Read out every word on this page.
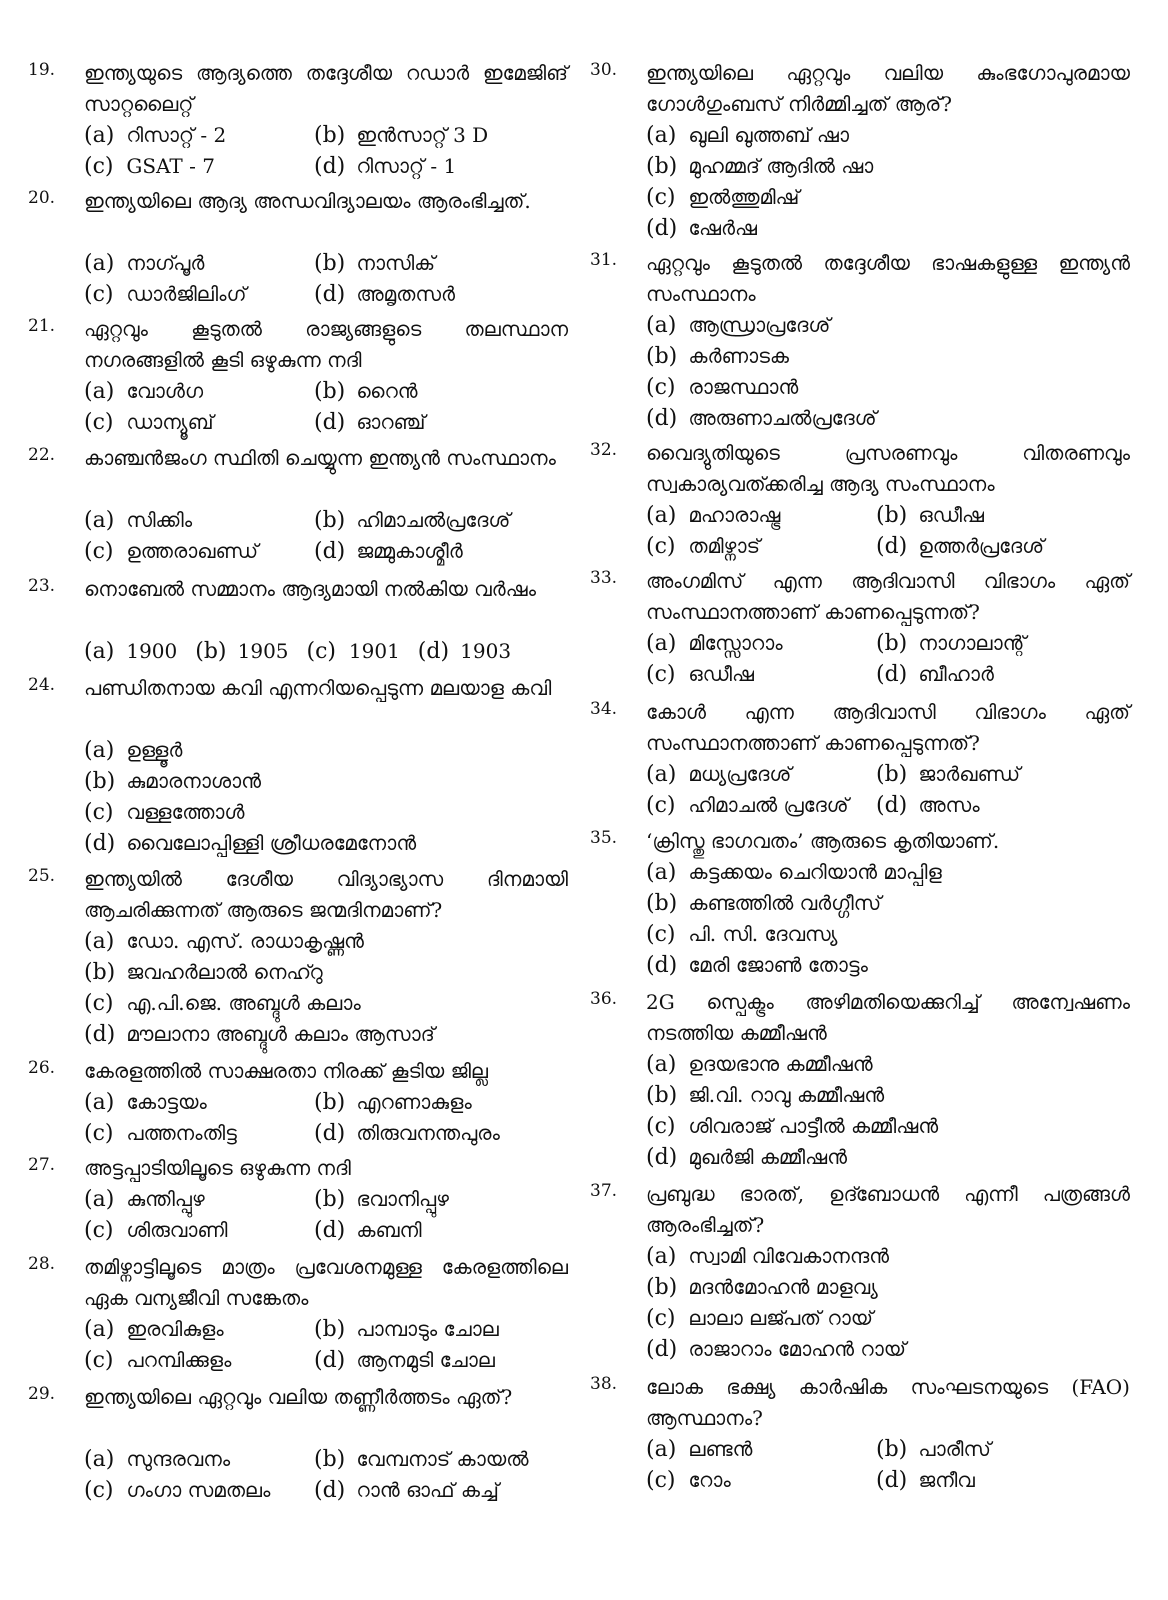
19. ഇന്ത്യയുടെ ആദ്യത്തെ തദ്ദേശീയ റഡാർ ഇമേജിങ് സാറ്റലൈറ്റ്

(a) റിസാറ്റ് - 2	(b) ഇൻസാറ്റ് 3 D
(c) GSAT - 7	(d) റിസാറ്റ് - 1
20. ഇന്ത്യയിലെ ആദ്യ അന്ധവിദ്യാലയം ആരംഭിച്ചത്.

(a) നാഗ്പൂർ	(b) നാസിക്
(c) ഡാർജിലിംഗ്	(d) അമൃതസർ
21. ഏറ്റവും കൂടുതൽ രാജ്യങ്ങളുടെ തലസ്ഥാന നഗരങ്ങളിൽ കൂടി ഒഴുകുന്ന നദി

(a) വോൾഗ	(b) റൈൻ
(c) ഡാന്യൂബ്	(d) ഓറഞ്ച്
22. കാഞ്ചൻജംഗ സ്ഥിതി ചെയ്യുന്ന ഇന്ത്യൻ സംസ്ഥാനം

(a) സിക്കിം	(b) ഹിമാചൽപ്രദേശ്
(c) ഉത്തരാഖണ്ഡ്	(d) ജമ്മുകാശ്മീർ
23. നൊബേൽ സമ്മാനം ആദ്യമായി നൽകിയ വർഷം

(a) 1900 (b) 1905 (c) 1901 (d) 1903
24. പണ്ഡിതനായ കവി എന്നറിയപ്പെടുന്ന മലയാള കവി

(a) ഉള്ളൂർ
(b) കുമാരനാശാൻ
(c) വള്ളത്തോൾ
(d) വൈലോപ്പിള്ളി ശ്രീധരമേനോൻ
25. ഇന്ത്യയിൽ ദേശീയ വിദ്യാഭ്യാസ ദിനമായി ആചരിക്കുന്നത് ആരുടെ ജന്മദിനമാണ്?

(a) ഡോ. എസ്. രാധാകൃഷ്ണൻ
(b) ജവഹർലാൽ നെഹ്റു
(c) എ.പി.ജെ. അബ്ദുൾ കലാം
(d) മൗലാനാ അബ്ദുൾ കലാം ആസാദ്
26. കേരളത്തിൽ സാക്ഷരതാ നിരക്ക് കൂടിയ ജില്ല

(a) കോട്ടയം	(b) എറണാകുളം
(c) പത്തനംതിട്ട	(d) തിരുവനന്തപുരം
27. അട്ടപ്പാടിയിലൂടെ ഒഴുകുന്ന നദി

(a) കുന്തിപ്പുഴ	(b) ഭവാനിപ്പുഴ
(c) ശിരുവാണി	(d) കബനി
28. തമിഴ്നാട്ടിലൂടെ മാത്രം പ്രവേശനമുള്ള കേരളത്തിലെ ഏക വന്യജീവി സങ്കേതം

(a) ഇരവികുളം	(b) പാമ്പാടും ചോല
(c) പറമ്പിക്കുളം	(d) ആനമുടി ചോല
29. ഇന്ത്യയിലെ ഏറ്റവും വലിയ തണ്ണീർത്തടം ഏത്?

(a) സുന്ദരവനം	(b) വേമ്പനാട് കായൽ
(c) ഗംഗാ സമതലം	(d) റാൻ ഓഫ് കച്ച്
30. ഇന്ത്യയിലെ ഏറ്റവും വലിയ കുംഭഗോപുരമായ ഗോൾഗുംബസ് നിർമ്മിച്ചത് ആര്?

(a) ഖുലി ഖുത്തബ് ഷാ
(b) മുഹമ്മദ് ആദിൽ ഷാ
(c) ഇൽത്തുമിഷ്
(d) ഷേർഷ
31. ഏറ്റവും കൂടുതൽ തദ്ദേശീയ ഭാഷകളുള്ള ഇന്ത്യൻ സംസ്ഥാനം

(a) ആന്ധ്രാപ്രദേശ്
(b) കർണാടക
(c) രാജസ്ഥാൻ
(d) അരുണാചൽപ്രദേശ്
32. വൈദ്യുതിയുടെ പ്രസരണവും വിതരണവും സ്വകാര്യവത്ക്കരിച്ച ആദ്യ സംസ്ഥാനം

(a) മഹാരാഷ്ട്ര	(b) ഒഡീഷ
(c) തമിഴ്നാട്	(d) ഉത്തർപ്രദേശ്
33. അംഗമിസ് എന്ന ആദിവാസി വിഭാഗം ഏത് സംസ്ഥാനത്താണ് കാണപ്പെടുന്നത്?

(a) മിസ്സോറാം	(b) നാഗാലാന്റ്
(c) ഒഡീഷ	(d) ബീഹാർ
34. കോൾ എന്ന ആദിവാസി വിഭാഗം ഏത് സംസ്ഥാനത്താണ് കാണപ്പെടുന്നത്?

(a) മധ്യപ്രദേശ്	(b) ജാർഖണ്ഡ്
(c) ഹിമാചൽ പ്രദേശ്	(d) അസം
35. ‘ക്രിസ്തു ഭാഗവതം’ ആരുടെ കൃതിയാണ്.

(a) കട്ടക്കയം ചെറിയാൻ മാപ്പിള
(b) കണ്ടത്തിൽ വർഗ്ഗീസ്
(c) പി. സി. ദേവസ്യ
(d) മേരി ജോൺ തോട്ടം
36. 2G സ്പെക്ട്രം അഴിമതിയെക്കുറിച്ച് അന്വേഷണം നടത്തിയ കമ്മീഷൻ

(a) ഉദയഭാനു കമ്മീഷൻ
(b) ജി.വി. റാവു കമ്മീഷൻ
(c) ശിവരാജ് പാട്ടീൽ കമ്മീഷൻ
(d) മുഖർജി കമ്മീഷൻ
37. പ്രബുദ്ധ ഭാരത്, ഉദ്ബോധൻ എന്നീ പത്രങ്ങൾ ആരംഭിച്ചത്?

(a) സ്വാമി വിവേകാനന്ദൻ
(b) മദൻമോഹൻ മാളവ്യ
(c) ലാലാ ലജ്പത് റായ്
(d) രാജാറാം മോഹൻ റായ്
38. ലോക ഭക്ഷ്യ കാർഷിക സംഘടനയുടെ (FAO) ആസ്ഥാനം?

(a) ലണ്ടൻ	(b) പാരീസ്
(c) റോം	(d) ജനീവ
